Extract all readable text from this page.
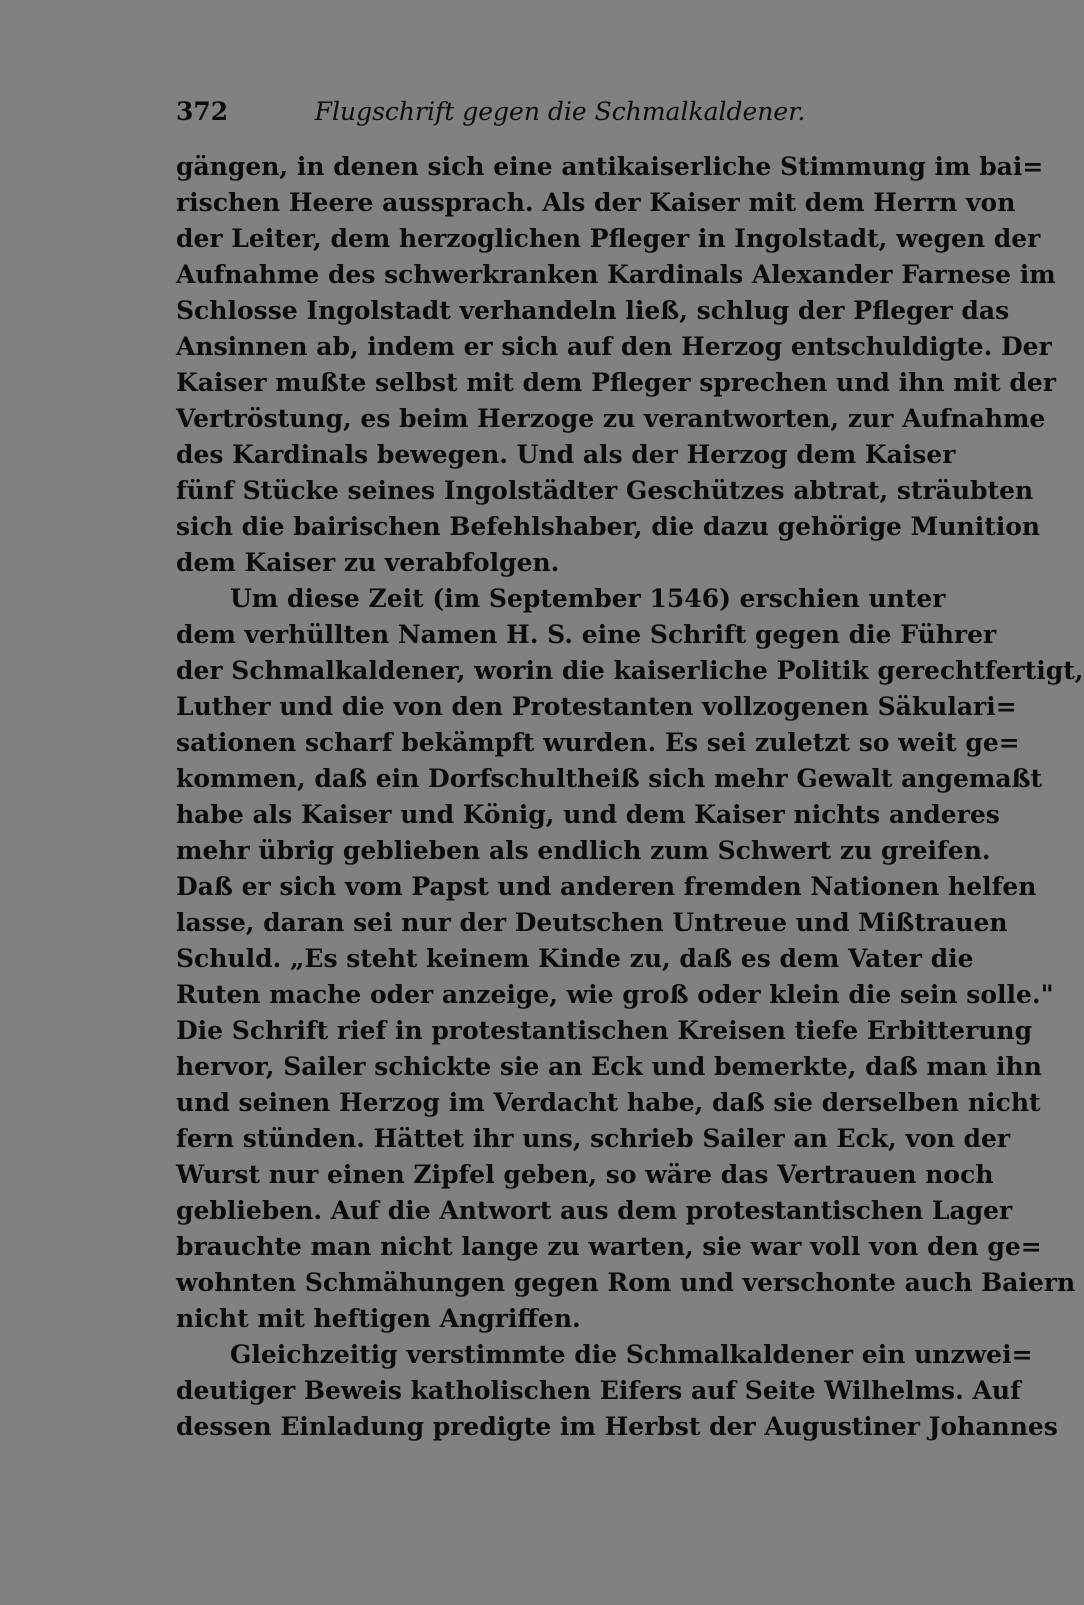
372	Flugschrift gegen die Schmalkaldener.
gängen, in denen sich eine antikaiserliche Stimmung im bai=
rischen Heere aussprach. Als der Kaiser mit dem Herrn von
der Leiter, dem herzoglichen Pfleger in Ingolstadt, wegen der
Aufnahme des schwerkranken Kardinals Alexander Farnese im
Schlosse Ingolstadt verhandeln ließ, schlug der Pfleger das
Ansinnen ab, indem er sich auf den Herzog entschuldigte. Der
Kaiser mußte selbst mit dem Pfleger sprechen und ihn mit der
Vertröstung, es beim Herzoge zu verantworten, zur Aufnahme
des Kardinals bewegen. Und als der Herzog dem Kaiser
fünf Stücke seines Ingolstädter Geschützes abtrat, sträubten
sich die bairischen Befehlshaber, die dazu gehörige Munition
dem Kaiser zu verabfolgen.
Um diese Zeit (im September 1546) erschien unter
dem verhüllten Namen H. S. eine Schrift gegen die Führer
der Schmalkaldener, worin die kaiserliche Politik gerechtfertigt,
Luther und die von den Protestanten vollzogenen Säkulari=
sationen scharf bekämpft wurden. Es sei zuletzt so weit ge=
kommen, daß ein Dorfschultheiß sich mehr Gewalt angemaßt
habe als Kaiser und König, und dem Kaiser nichts anderes
mehr übrig geblieben als endlich zum Schwert zu greifen.
Daß er sich vom Papst und anderen fremden Nationen helfen
lasse, daran sei nur der Deutschen Untreue und Mißtrauen
Schuld. „Es steht keinem Kinde zu, daß es dem Vater die
Ruten mache oder anzeige, wie groß oder klein die sein solle."
Die Schrift rief in protestantischen Kreisen tiefe Erbitterung
hervor, Sailer schickte sie an Eck und bemerkte, daß man ihn
und seinen Herzog im Verdacht habe, daß sie derselben nicht
fern stünden. Hättet ihr uns, schrieb Sailer an Eck, von der
Wurst nur einen Zipfel geben, so wäre das Vertrauen noch
geblieben. Auf die Antwort aus dem protestantischen Lager
brauchte man nicht lange zu warten, sie war voll von den ge=
wohnten Schmähungen gegen Rom und verschonte auch Baiern
nicht mit heftigen Angriffen.
Gleichzeitig verstimmte die Schmalkaldener ein unzwei=
deutiger Beweis katholischen Eifers auf Seite Wilhelms. Auf
dessen Einladung predigte im Herbst der Augustiner Johannes
